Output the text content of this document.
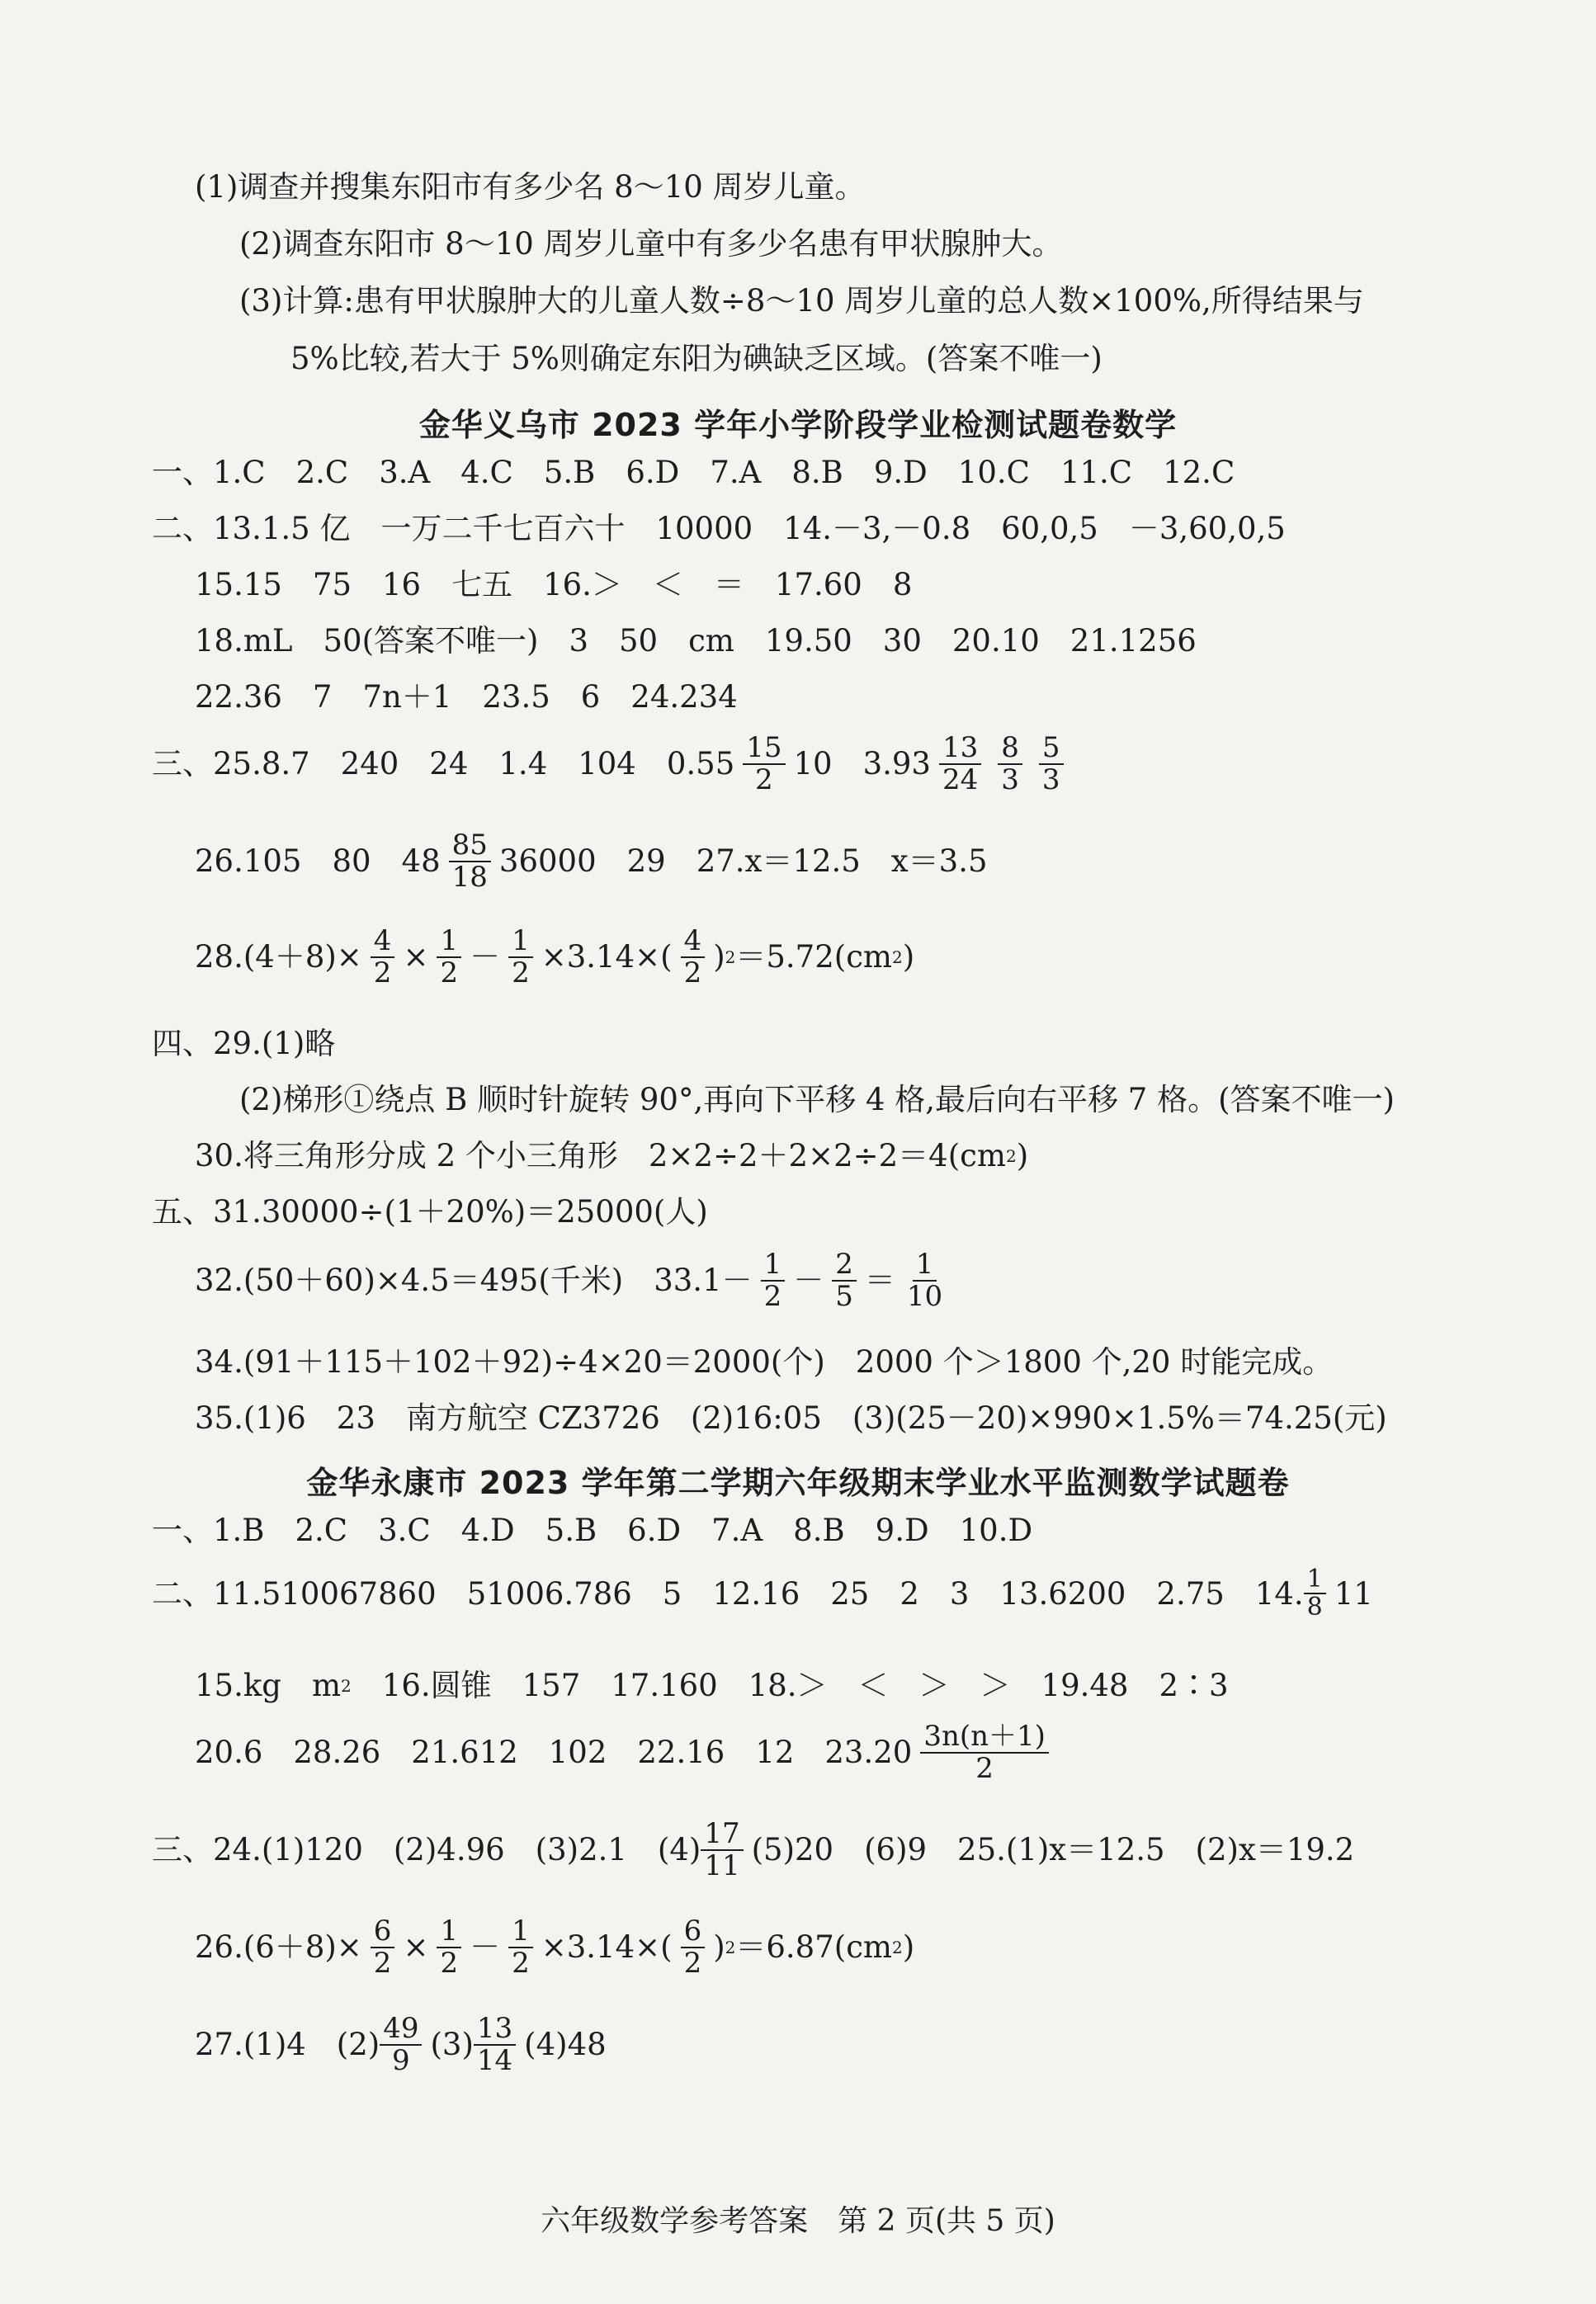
(1)调查并搜集东阳市有多少名 8～10 周岁儿童。
(2)调查东阳市 8～10 周岁儿童中有多少名患有甲状腺肿大。
(3)计算:患有甲状腺肿大的儿童人数÷8～10 周岁儿童的总人数×100%,所得结果与
5%比较,若大于 5%则确定东阳为碘缺乏区域。(答案不唯一)
金华义乌市 2023 学年小学阶段学业检测试题卷数学
一、1.C　2.C　3.A　4.C　5.B　6.D　7.A　8.B　9.D　10.C　11.C　12.C
二、13.1.5 亿　一万二千七百六十　10000　14.－3,－0.8　60,0,5　－3,60,0,5
15.15　75　16　七五　16.＞　＜　＝　17.60　8
18.mL　50(答案不唯一)　3　50　cm　19.50　30　20.10　21.1256
22.36　7　7n＋1　23.5　6　24.234
三、25.8.7　240　24　1.4　104　$0.55 \frac{15}{2} 10$　$3.93 \frac{13}{24} \frac{8}{3} \frac{5}{3}$
26.105　80　$48 \frac{85}{18} 36000$　29　27.x＝12.5　x＝3.5
$28.(4+8)\times \frac{4}{2} \times \frac{1}{2} - \frac{1}{2} \times 3.14\times( \frac{4}{2}$ ) 2 ＝5.72(cm 2 )
四、29.(1)略
(2)梯形①绕点 B 顺时针旋转 90°,再向下平移 4 格,最后向右平移 7 格。(答案不唯一)
30.将三角形分成 2 个小三角形　2×2÷2＋2×2÷2＝4(cm 2 )
五、31.30000÷(1＋20%)＝25000(人)
32.(50＋60)×4.5＝495(千米)　$33.1- \frac{1}{2} - \frac{2}{5} = \frac{1}{10}$
34.(91＋115＋102＋92)÷4×20＝2000(个)　2000 个＞1800 个,20 时能完成。
35.(1)6　23　南方航空 CZ3726　(2)16:05　(3)(25－20)×990×1.5%＝74.25(元)
金华永康市 2023 学年第二学期六年级期末学业水平监测数学试题卷
一、1.B　2.C　3.C　4.D　5.B　6.D　7.A　8.B　9.D　10.D
二、11.510067860　51006.786　5　12.16　25　2　3　13.6200　2.75　14. $\frac{1}{8} 11$
15.kg　m 2 　16.圆锥　157　17.160　18.＞　＜　＞　＞　19.48　2∶3
20.6　28.26　21.612　102　22.16　12　$23.20 \frac{3n(n+1)}{2}$
三、24.(1)120　(2)4.96　(3)2.1　$(4) \frac{17}{11} (5)20$　(6)9　25.(1)x＝12.5　(2)x＝19.2
$26.(6+8)\times \frac{6}{2} \times \frac{1}{2} - \frac{1}{2} \times 3.14\times( \frac{6}{2}$ ) 2 ＝6.87(cm 2 )
27.(1)4　$(2) \frac{49}{9} (3) \frac{13}{14} (4)48$
六年级数学参考答案　第 2 页(共 5 页)
